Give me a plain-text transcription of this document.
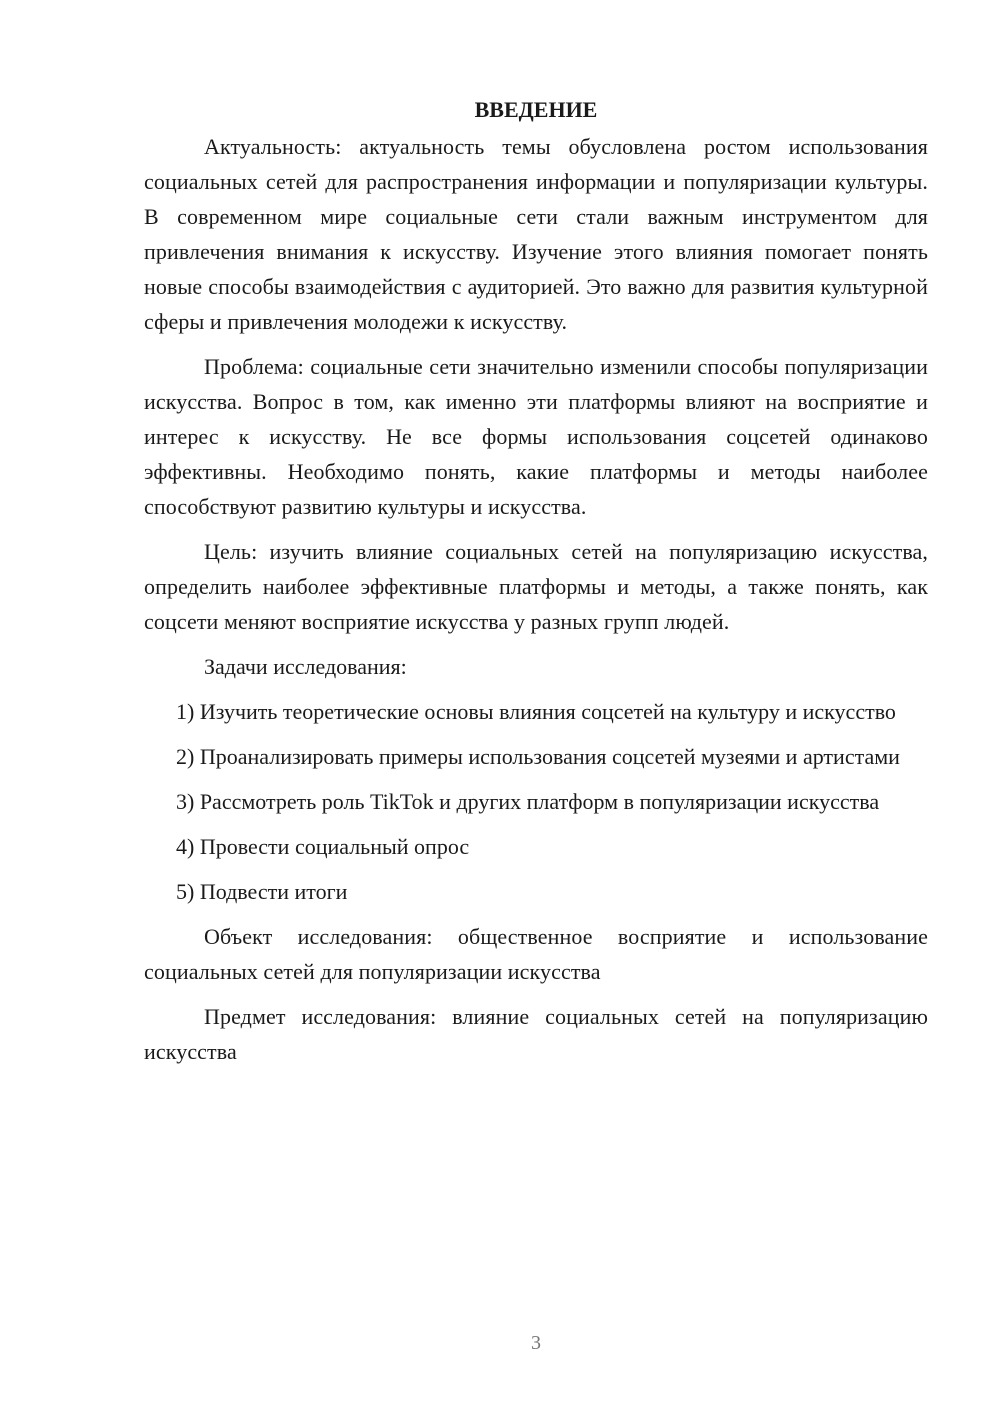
ВВЕДЕНИЕ

Актуальность: актуальность темы обусловлена ростом использования социальных сетей для распространения информации и популяризации культуры. В современном мире социальные сети стали важным инструментом для привлечения внимания к искусству. Изучение этого влияния помогает понять новые способы взаимодействия с аудиторией. Это важно для развития культурной сферы и привлечения молодежи к искусству.

Проблема: социальные сети значительно изменили способы популяризации искусства. Вопрос в том, как именно эти платформы влияют на восприятие и интерес к искусству. Не все формы использования соцсетей одинаково эффективны. Необходимо понять, какие платформы и методы наиболее способствуют развитию культуры и искусства.

Цель: изучить влияние социальных сетей на популяризацию искусства, определить наиболее эффективные платформы и методы, а также понять, как соцсети меняют восприятие искусства у разных групп людей.

Задачи исследования:

1) Изучить теоретические основы влияния соцсетей на культуру и искусство

2) Проанализировать примеры использования соцсетей музеями и артистами

3) Рассмотреть роль TikTok и других платформ в популяризации искусства

4) Провести социальный опрос

5) Подвести итоги

Объект исследования: общественное восприятие и использование социальных сетей для популяризации искусства

Предмет исследования: влияние социальных сетей на популяризацию искусства

3
